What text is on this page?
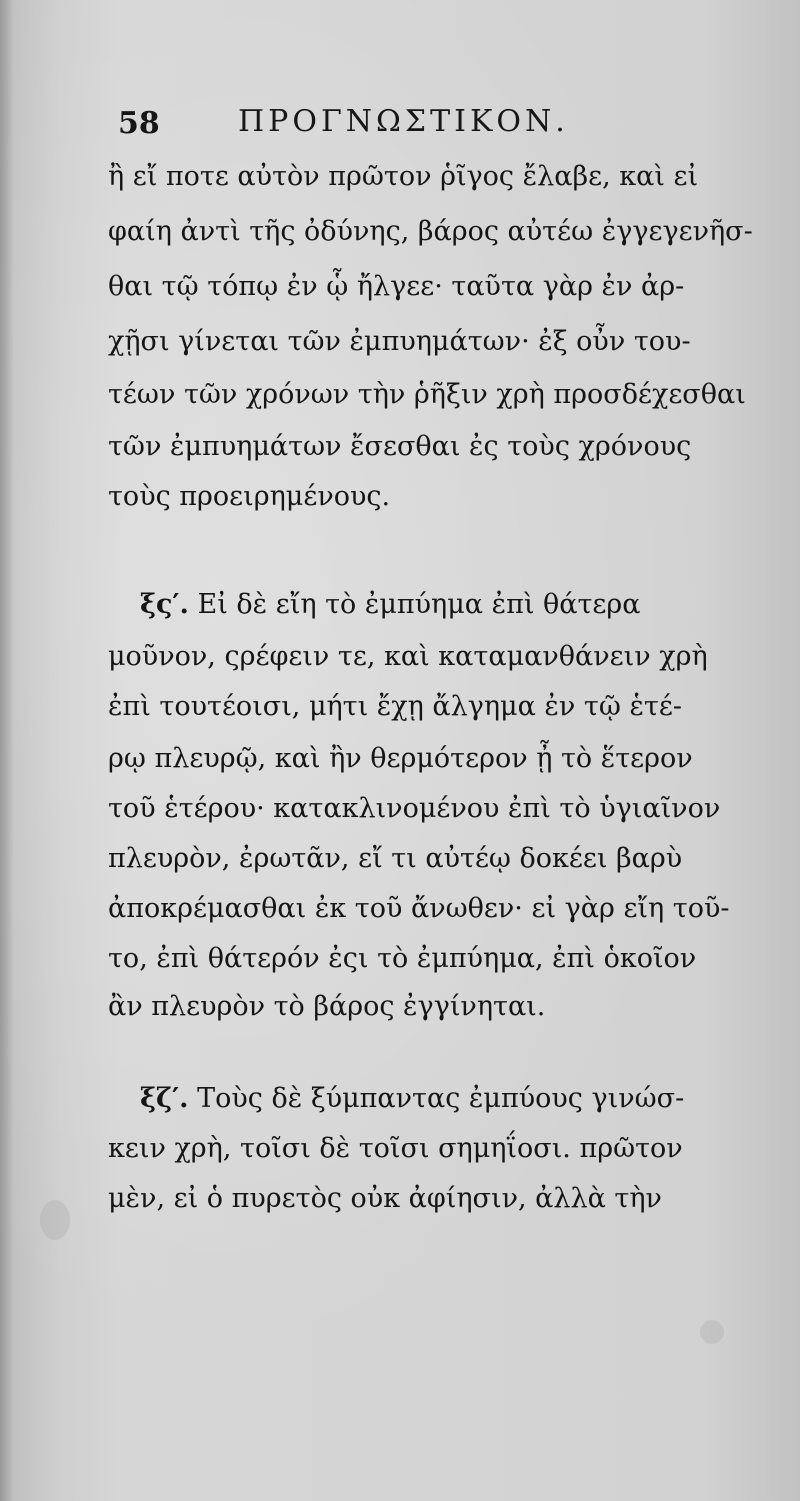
58	ΠΡΟΓΝΩΣΤΙΚΟΝ.
ἢ εἴ ποτε αὐτὸν πρῶτον ῥῖγος ἔλαβε, καὶ εἰ
φαίη ἀντὶ τῆς ὀδύνης, βάρος αὐτέω ἐγγεγενῆσ-
θαι τῷ τόπῳ ἐν ᾧ ἤλγεε· ταῦτα γὰρ ἐν ἀρ-
χῇσι γίνεται τῶν ἐμπυημάτων· ἐξ οὖν του-
τέων τῶν χρόνων τὴν ῥῆξιν χρὴ προσδέχεσθαι
τῶν ἐμπυημάτων ἔσεσθαι ἐς τοὺς χρόνους
τοὺς προειρημένους.
ξς′. Εἰ δὲ εἴη τὸ ἐμπύημα ἐπὶ θάτερα
μοῦνον, ςρέφειν τε, καὶ καταμανθάνειν χρὴ
ἐπὶ τουτέοισι, μήτι ἔχῃ ἄλγημα ἐν τῷ ἑτέ-
ρῳ πλευρῷ, καὶ ἢν θερμότερον ᾖ τὸ ἕτερον
τοῦ ἑτέρου· κατακλινομένου ἐπὶ τὸ ὑγιαῖνον
πλευρὸν, ἐρωτᾶν, εἴ τι αὐτέῳ δοκέει βαρὺ
ἀποκρέμασθαι ἐκ τοῦ ἄνωθεν· εἰ γὰρ εἴη τοῦ-
το, ἐπὶ θάτερόν ἐςι τὸ ἐμπύημα, ἐπὶ ὁκοῖον
ἂν πλευρὸν τὸ βάρος ἐγγίνηται.
ξζ′. Τοὺς δὲ ξύμπαντας ἐμπύους γινώσ-
κειν χρὴ, τοῖσι δὲ τοῖσι σημηΐοσι. πρῶτον
μὲν, εἰ ὁ πυρετὸς οὐκ ἀφίησιν, ἀλλὰ τὴν
